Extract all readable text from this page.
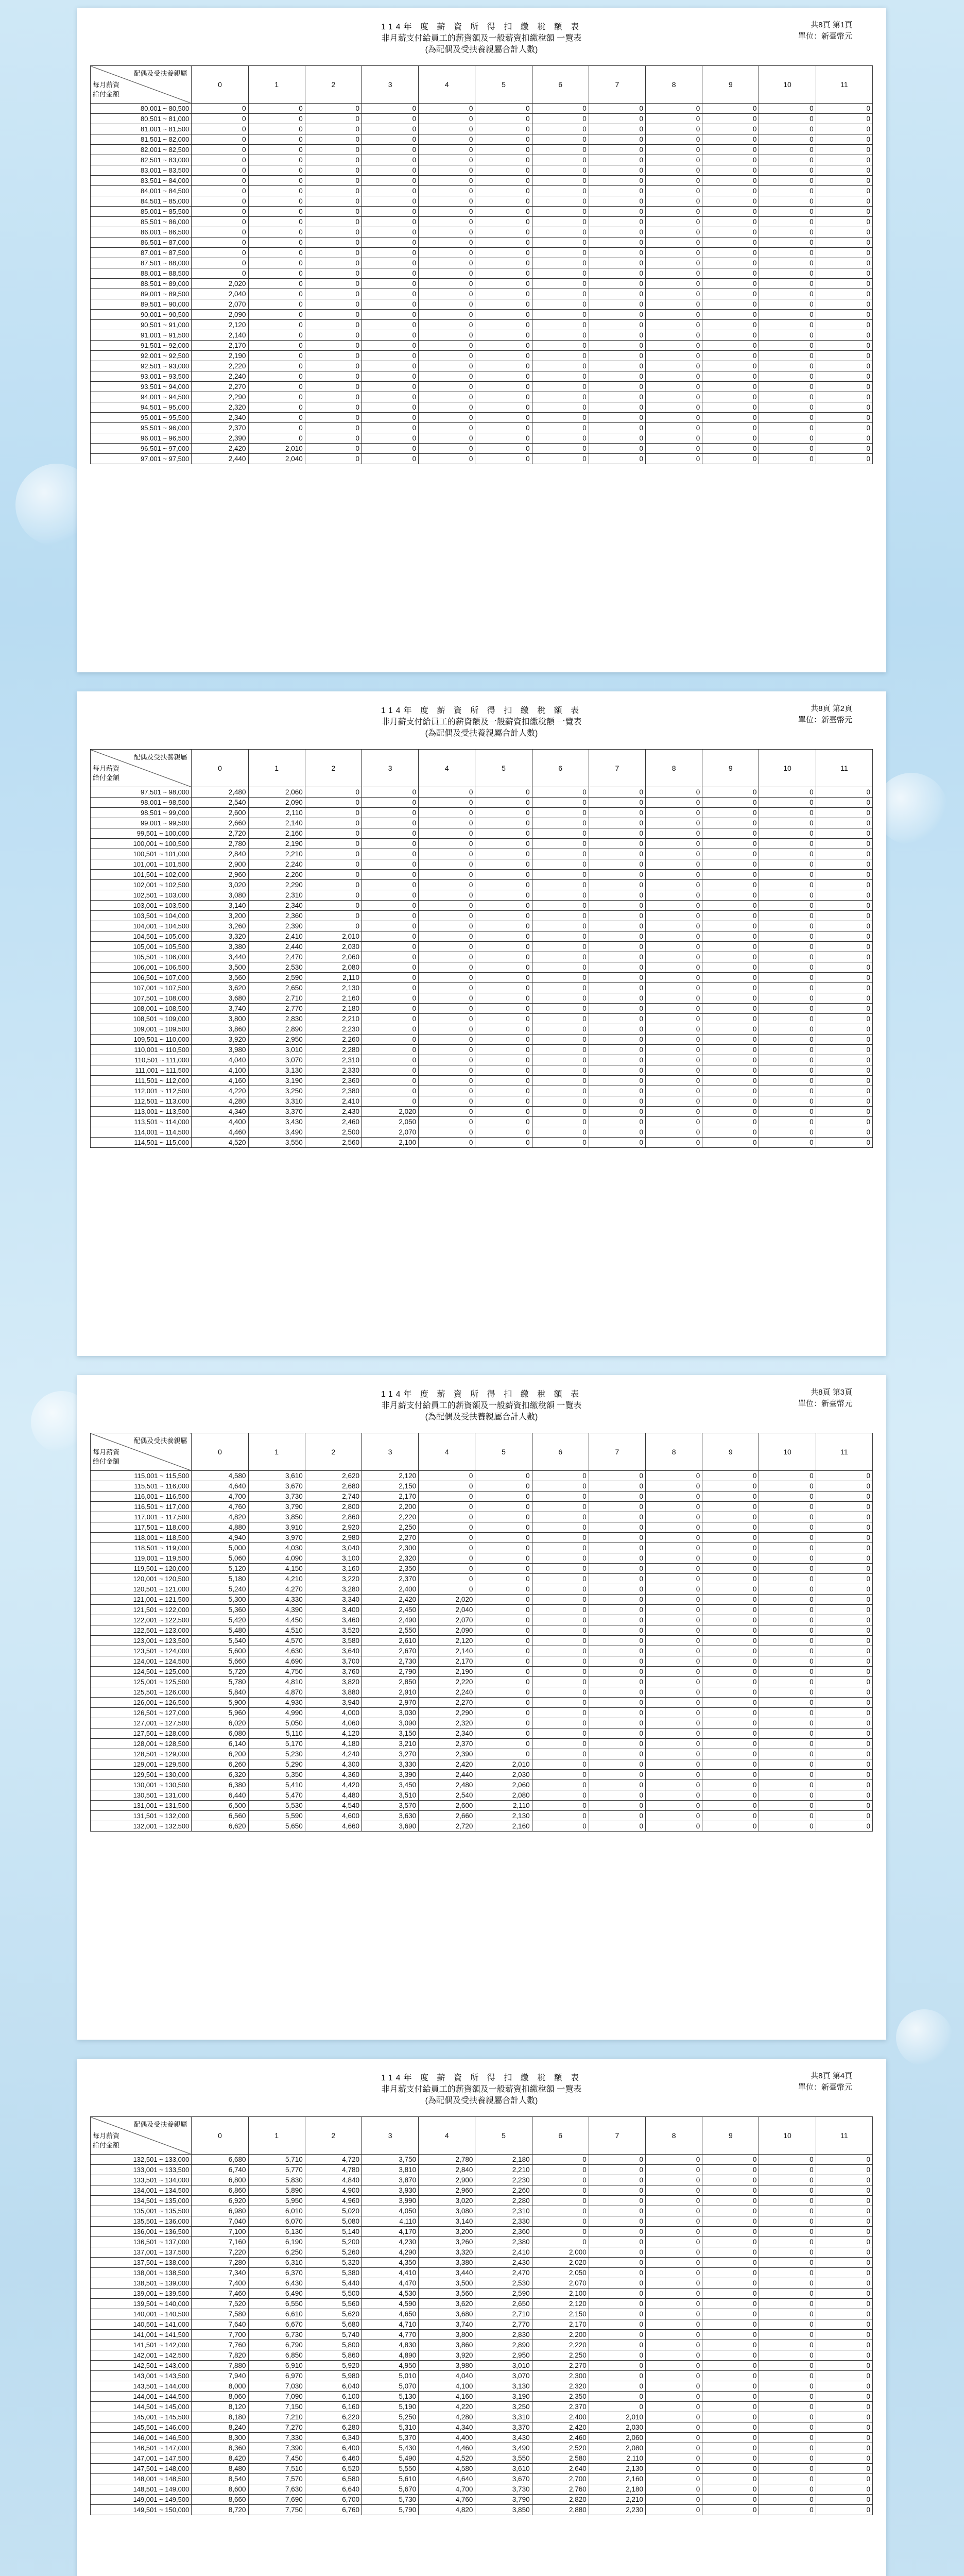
114年 度 薪 資 所 得 扣 繳 稅 額 表
非月薪支付給員工的薪資額及一般薪資扣繳稅額 一覽表
(為配偶及受扶養親屬合計人數)
共8頁 第1頁
單位：新臺幣元
配偶及受扶養親屬
每月薪資
給付金額	0	1	2	3	4	5	6	7	8	9	10	11
80,001 ~ 80,500	0	0	0	0	0	0	0	0	0	0	0	0
80,501 ~ 81,000	0	0	0	0	0	0	0	0	0	0	0	0
81,001 ~ 81,500	0	0	0	0	0	0	0	0	0	0	0	0
81,501 ~ 82,000	0	0	0	0	0	0	0	0	0	0	0	0
82,001 ~ 82,500	0	0	0	0	0	0	0	0	0	0	0	0
82,501 ~ 83,000	0	0	0	0	0	0	0	0	0	0	0	0
83,001 ~ 83,500	0	0	0	0	0	0	0	0	0	0	0	0
83,501 ~ 84,000	0	0	0	0	0	0	0	0	0	0	0	0
84,001 ~ 84,500	0	0	0	0	0	0	0	0	0	0	0	0
84,501 ~ 85,000	0	0	0	0	0	0	0	0	0	0	0	0
85,001 ~ 85,500	0	0	0	0	0	0	0	0	0	0	0	0
85,501 ~ 86,000	0	0	0	0	0	0	0	0	0	0	0	0
86,001 ~ 86,500	0	0	0	0	0	0	0	0	0	0	0	0
86,501 ~ 87,000	0	0	0	0	0	0	0	0	0	0	0	0
87,001 ~ 87,500	0	0	0	0	0	0	0	0	0	0	0	0
87,501 ~ 88,000	0	0	0	0	0	0	0	0	0	0	0	0
88,001 ~ 88,500	0	0	0	0	0	0	0	0	0	0	0	0
88,501 ~ 89,000	2,020	0	0	0	0	0	0	0	0	0	0	0
89,001 ~ 89,500	2,040	0	0	0	0	0	0	0	0	0	0	0
89,501 ~ 90,000	2,070	0	0	0	0	0	0	0	0	0	0	0
90,001 ~ 90,500	2,090	0	0	0	0	0	0	0	0	0	0	0
90,501 ~ 91,000	2,120	0	0	0	0	0	0	0	0	0	0	0
91,001 ~ 91,500	2,140	0	0	0	0	0	0	0	0	0	0	0
91,501 ~ 92,000	2,170	0	0	0	0	0	0	0	0	0	0	0
92,001 ~ 92,500	2,190	0	0	0	0	0	0	0	0	0	0	0
92,501 ~ 93,000	2,220	0	0	0	0	0	0	0	0	0	0	0
93,001 ~ 93,500	2,240	0	0	0	0	0	0	0	0	0	0	0
93,501 ~ 94,000	2,270	0	0	0	0	0	0	0	0	0	0	0
94,001 ~ 94,500	2,290	0	0	0	0	0	0	0	0	0	0	0
94,501 ~ 95,000	2,320	0	0	0	0	0	0	0	0	0	0	0
95,001 ~ 95,500	2,340	0	0	0	0	0	0	0	0	0	0	0
95,501 ~ 96,000	2,370	0	0	0	0	0	0	0	0	0	0	0
96,001 ~ 96,500	2,390	0	0	0	0	0	0	0	0	0	0	0
96,501 ~ 97,000	2,420	2,010	0	0	0	0	0	0	0	0	0	0
97,001 ~ 97,500	2,440	2,040	0	0	0	0	0	0	0	0	0	0
114年 度 薪 資 所 得 扣 繳 稅 額 表
非月薪支付給員工的薪資額及一般薪資扣繳稅額 一覽表
(為配偶及受扶養親屬合計人數)
共8頁 第2頁
單位：新臺幣元
配偶及受扶養親屬
每月薪資
給付金額	0	1	2	3	4	5	6	7	8	9	10	11
97,501 ~ 98,000	2,480	2,060	0	0	0	0	0	0	0	0	0	0
98,001 ~ 98,500	2,540	2,090	0	0	0	0	0	0	0	0	0	0
98,501 ~ 99,000	2,600	2,110	0	0	0	0	0	0	0	0	0	0
99,001 ~ 99,500	2,660	2,140	0	0	0	0	0	0	0	0	0	0
99,501 ~ 100,000	2,720	2,160	0	0	0	0	0	0	0	0	0	0
100,001 ~ 100,500	2,780	2,190	0	0	0	0	0	0	0	0	0	0
100,501 ~ 101,000	2,840	2,210	0	0	0	0	0	0	0	0	0	0
101,001 ~ 101,500	2,900	2,240	0	0	0	0	0	0	0	0	0	0
101,501 ~ 102,000	2,960	2,260	0	0	0	0	0	0	0	0	0	0
102,001 ~ 102,500	3,020	2,290	0	0	0	0	0	0	0	0	0	0
102,501 ~ 103,000	3,080	2,310	0	0	0	0	0	0	0	0	0	0
103,001 ~ 103,500	3,140	2,340	0	0	0	0	0	0	0	0	0	0
103,501 ~ 104,000	3,200	2,360	0	0	0	0	0	0	0	0	0	0
104,001 ~ 104,500	3,260	2,390	0	0	0	0	0	0	0	0	0	0
104,501 ~ 105,000	3,320	2,410	2,010	0	0	0	0	0	0	0	0	0
105,001 ~ 105,500	3,380	2,440	2,030	0	0	0	0	0	0	0	0	0
105,501 ~ 106,000	3,440	2,470	2,060	0	0	0	0	0	0	0	0	0
106,001 ~ 106,500	3,500	2,530	2,080	0	0	0	0	0	0	0	0	0
106,501 ~ 107,000	3,560	2,590	2,110	0	0	0	0	0	0	0	0	0
107,001 ~ 107,500	3,620	2,650	2,130	0	0	0	0	0	0	0	0	0
107,501 ~ 108,000	3,680	2,710	2,160	0	0	0	0	0	0	0	0	0
108,001 ~ 108,500	3,740	2,770	2,180	0	0	0	0	0	0	0	0	0
108,501 ~ 109,000	3,800	2,830	2,210	0	0	0	0	0	0	0	0	0
109,001 ~ 109,500	3,860	2,890	2,230	0	0	0	0	0	0	0	0	0
109,501 ~ 110,000	3,920	2,950	2,260	0	0	0	0	0	0	0	0	0
110,001 ~ 110,500	3,980	3,010	2,280	0	0	0	0	0	0	0	0	0
110,501 ~ 111,000	4,040	3,070	2,310	0	0	0	0	0	0	0	0	0
111,001 ~ 111,500	4,100	3,130	2,330	0	0	0	0	0	0	0	0	0
111,501 ~ 112,000	4,160	3,190	2,360	0	0	0	0	0	0	0	0	0
112,001 ~ 112,500	4,220	3,250	2,380	0	0	0	0	0	0	0	0	0
112,501 ~ 113,000	4,280	3,310	2,410	0	0	0	0	0	0	0	0	0
113,001 ~ 113,500	4,340	3,370	2,430	2,020	0	0	0	0	0	0	0	0
113,501 ~ 114,000	4,400	3,430	2,460	2,050	0	0	0	0	0	0	0	0
114,001 ~ 114,500	4,460	3,490	2,500	2,070	0	0	0	0	0	0	0	0
114,501 ~ 115,000	4,520	3,550	2,560	2,100	0	0	0	0	0	0	0	0
114年 度 薪 資 所 得 扣 繳 稅 額 表
非月薪支付給員工的薪資額及一般薪資扣繳稅額 一覽表
(為配偶及受扶養親屬合計人數)
共8頁 第3頁
單位：新臺幣元
配偶及受扶養親屬
每月薪資
給付金額	0	1	2	3	4	5	6	7	8	9	10	11
115,001 ~ 115,500	4,580	3,610	2,620	2,120	0	0	0	0	0	0	0	0
115,501 ~ 116,000	4,640	3,670	2,680	2,150	0	0	0	0	0	0	0	0
116,001 ~ 116,500	4,700	3,730	2,740	2,170	0	0	0	0	0	0	0	0
116,501 ~ 117,000	4,760	3,790	2,800	2,200	0	0	0	0	0	0	0	0
117,001 ~ 117,500	4,820	3,850	2,860	2,220	0	0	0	0	0	0	0	0
117,501 ~ 118,000	4,880	3,910	2,920	2,250	0	0	0	0	0	0	0	0
118,001 ~ 118,500	4,940	3,970	2,980	2,270	0	0	0	0	0	0	0	0
118,501 ~ 119,000	5,000	4,030	3,040	2,300	0	0	0	0	0	0	0	0
119,001 ~ 119,500	5,060	4,090	3,100	2,320	0	0	0	0	0	0	0	0
119,501 ~ 120,000	5,120	4,150	3,160	2,350	0	0	0	0	0	0	0	0
120,001 ~ 120,500	5,180	4,210	3,220	2,370	0	0	0	0	0	0	0	0
120,501 ~ 121,000	5,240	4,270	3,280	2,400	0	0	0	0	0	0	0	0
121,001 ~ 121,500	5,300	4,330	3,340	2,420	2,020	0	0	0	0	0	0	0
121,501 ~ 122,000	5,360	4,390	3,400	2,450	2,040	0	0	0	0	0	0	0
122,001 ~ 122,500	5,420	4,450	3,460	2,490	2,070	0	0	0	0	0	0	0
122,501 ~ 123,000	5,480	4,510	3,520	2,550	2,090	0	0	0	0	0	0	0
123,001 ~ 123,500	5,540	4,570	3,580	2,610	2,120	0	0	0	0	0	0	0
123,501 ~ 124,000	5,600	4,630	3,640	2,670	2,140	0	0	0	0	0	0	0
124,001 ~ 124,500	5,660	4,690	3,700	2,730	2,170	0	0	0	0	0	0	0
124,501 ~ 125,000	5,720	4,750	3,760	2,790	2,190	0	0	0	0	0	0	0
125,001 ~ 125,500	5,780	4,810	3,820	2,850	2,220	0	0	0	0	0	0	0
125,501 ~ 126,000	5,840	4,870	3,880	2,910	2,240	0	0	0	0	0	0	0
126,001 ~ 126,500	5,900	4,930	3,940	2,970	2,270	0	0	0	0	0	0	0
126,501 ~ 127,000	5,960	4,990	4,000	3,030	2,290	0	0	0	0	0	0	0
127,001 ~ 127,500	6,020	5,050	4,060	3,090	2,320	0	0	0	0	0	0	0
127,501 ~ 128,000	6,080	5,110	4,120	3,150	2,340	0	0	0	0	0	0	0
128,001 ~ 128,500	6,140	5,170	4,180	3,210	2,370	0	0	0	0	0	0	0
128,501 ~ 129,000	6,200	5,230	4,240	3,270	2,390	0	0	0	0	0	0	0
129,001 ~ 129,500	6,260	5,290	4,300	3,330	2,420	2,010	0	0	0	0	0	0
129,501 ~ 130,000	6,320	5,350	4,360	3,390	2,440	2,030	0	0	0	0	0	0
130,001 ~ 130,500	6,380	5,410	4,420	3,450	2,480	2,060	0	0	0	0	0	0
130,501 ~ 131,000	6,440	5,470	4,480	3,510	2,540	2,080	0	0	0	0	0	0
131,001 ~ 131,500	6,500	5,530	4,540	3,570	2,600	2,110	0	0	0	0	0	0
131,501 ~ 132,000	6,560	5,590	4,600	3,630	2,660	2,130	0	0	0	0	0	0
132,001 ~ 132,500	6,620	5,650	4,660	3,690	2,720	2,160	0	0	0	0	0	0
114年 度 薪 資 所 得 扣 繳 稅 額 表
非月薪支付給員工的薪資額及一般薪資扣繳稅額 一覽表
(為配偶及受扶養親屬合計人數)
共8頁 第4頁
單位：新臺幣元
配偶及受扶養親屬
每月薪資
給付金額	0	1	2	3	4	5	6	7	8	9	10	11
132,501 ~ 133,000	6,680	5,710	4,720	3,750	2,780	2,180	0	0	0	0	0	0
133,001 ~ 133,500	6,740	5,770	4,780	3,810	2,840	2,210	0	0	0	0	0	0
133,501 ~ 134,000	6,800	5,830	4,840	3,870	2,900	2,230	0	0	0	0	0	0
134,001 ~ 134,500	6,860	5,890	4,900	3,930	2,960	2,260	0	0	0	0	0	0
134,501 ~ 135,000	6,920	5,950	4,960	3,990	3,020	2,280	0	0	0	0	0	0
135,001 ~ 135,500	6,980	6,010	5,020	4,050	3,080	2,310	0	0	0	0	0	0
135,501 ~ 136,000	7,040	6,070	5,080	4,110	3,140	2,330	0	0	0	0	0	0
136,001 ~ 136,500	7,100	6,130	5,140	4,170	3,200	2,360	0	0	0	0	0	0
136,501 ~ 137,000	7,160	6,190	5,200	4,230	3,260	2,380	0	0	0	0	0	0
137,001 ~ 137,500	7,220	6,250	5,260	4,290	3,320	2,410	2,000	0	0	0	0	0
137,501 ~ 138,000	7,280	6,310	5,320	4,350	3,380	2,430	2,020	0	0	0	0	0
138,001 ~ 138,500	7,340	6,370	5,380	4,410	3,440	2,470	2,050	0	0	0	0	0
138,501 ~ 139,000	7,400	6,430	5,440	4,470	3,500	2,530	2,070	0	0	0	0	0
139,001 ~ 139,500	7,460	6,490	5,500	4,530	3,560	2,590	2,100	0	0	0	0	0
139,501 ~ 140,000	7,520	6,550	5,560	4,590	3,620	2,650	2,120	0	0	0	0	0
140,001 ~ 140,500	7,580	6,610	5,620	4,650	3,680	2,710	2,150	0	0	0	0	0
140,501 ~ 141,000	7,640	6,670	5,680	4,710	3,740	2,770	2,170	0	0	0	0	0
141,001 ~ 141,500	7,700	6,730	5,740	4,770	3,800	2,830	2,200	0	0	0	0	0
141,501 ~ 142,000	7,760	6,790	5,800	4,830	3,860	2,890	2,220	0	0	0	0	0
142,001 ~ 142,500	7,820	6,850	5,860	4,890	3,920	2,950	2,250	0	0	0	0	0
142,501 ~ 143,000	7,880	6,910	5,920	4,950	3,980	3,010	2,270	0	0	0	0	0
143,001 ~ 143,500	7,940	6,970	5,980	5,010	4,040	3,070	2,300	0	0	0	0	0
143,501 ~ 144,000	8,000	7,030	6,040	5,070	4,100	3,130	2,320	0	0	0	0	0
144,001 ~ 144,500	8,060	7,090	6,100	5,130	4,160	3,190	2,350	0	0	0	0	0
144,501 ~ 145,000	8,120	7,150	6,160	5,190	4,220	3,250	2,370	0	0	0	0	0
145,001 ~ 145,500	8,180	7,210	6,220	5,250	4,280	3,310	2,400	2,010	0	0	0	0
145,501 ~ 146,000	8,240	7,270	6,280	5,310	4,340	3,370	2,420	2,030	0	0	0	0
146,001 ~ 146,500	8,300	7,330	6,340	5,370	4,400	3,430	2,460	2,060	0	0	0	0
146,501 ~ 147,000	8,360	7,390	6,400	5,430	4,460	3,490	2,520	2,080	0	0	0	0
147,001 ~ 147,500	8,420	7,450	6,460	5,490	4,520	3,550	2,580	2,110	0	0	0	0
147,501 ~ 148,000	8,480	7,510	6,520	5,550	4,580	3,610	2,640	2,130	0	0	0	0
148,001 ~ 148,500	8,540	7,570	6,580	5,610	4,640	3,670	2,700	2,160	0	0	0	0
148,501 ~ 149,000	8,600	7,630	6,640	5,670	4,700	3,730	2,760	2,180	0	0	0	0
149,001 ~ 149,500	8,660	7,690	6,700	5,730	4,760	3,790	2,820	2,210	0	0	0	0
149,501 ~ 150,000	8,720	7,750	6,760	5,790	4,820	3,850	2,880	2,230	0	0	0	0
